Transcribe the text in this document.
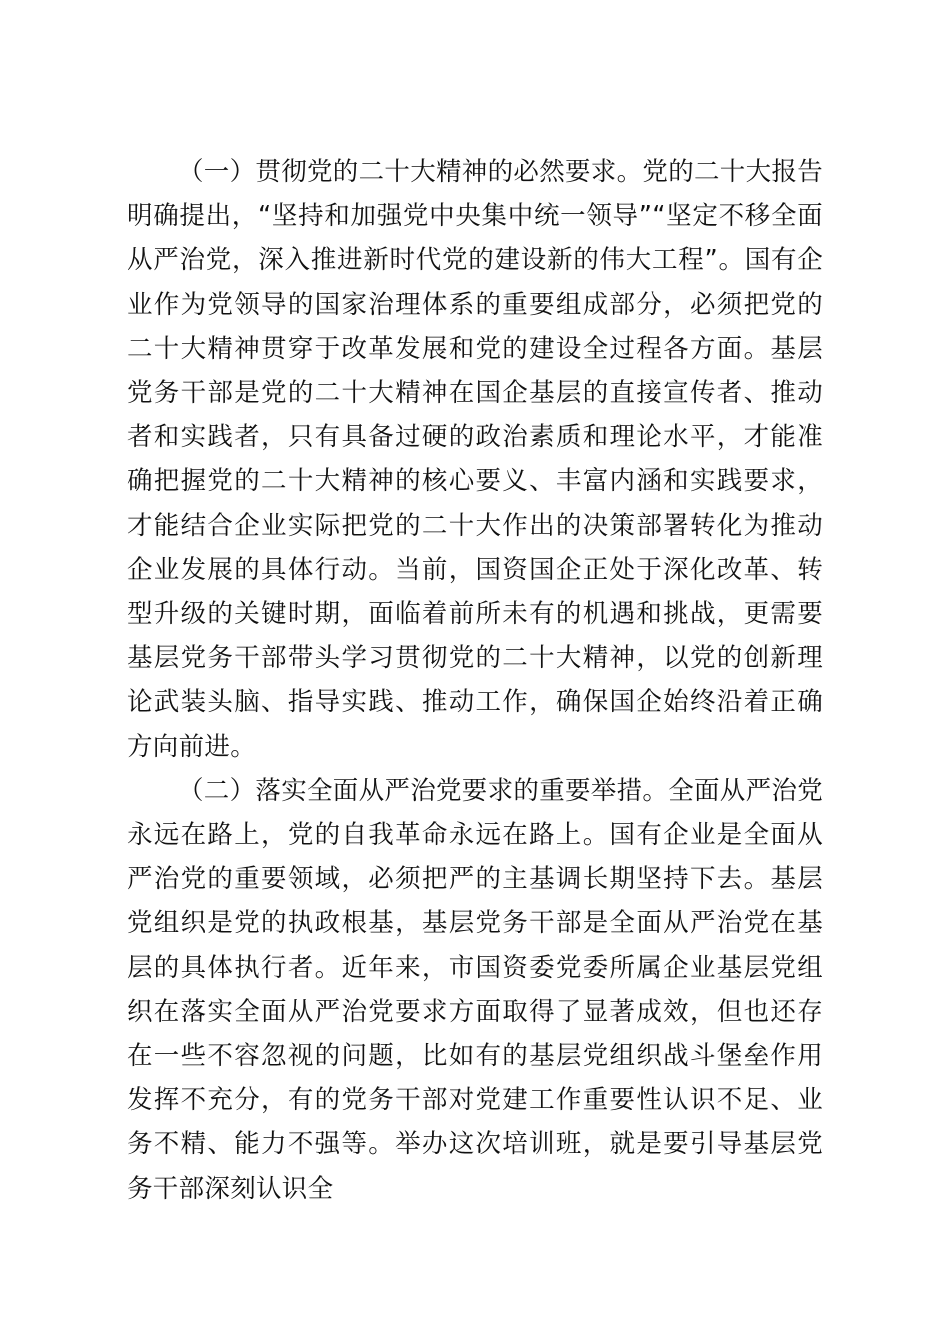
（一）贯彻党的二十大精神的必然要求。党的二十大报告明确提出，“坚持和加强党中央集中统一领导”“坚定不移全面从严治党，深入推进新时代党的建设新的伟大工程”。国有企业作为党领导的国家治理体系的重要组成部分，必须把党的二十大精神贯穿于改革发展和党的建设全过程各方面。基层党务干部是党的二十大精神在国企基层的直接宣传者、推动者和实践者，只有具备过硬的政治素质和理论水平，才能准确把握党的二十大精神的核心要义、丰富内涵和实践要求，才能结合企业实际把党的二十大作出的决策部署转化为推动企业发展的具体行动。当前，国资国企正处于深化改革、转型升级的关键时期，面临着前所未有的机遇和挑战，更需要基层党务干部带头学习贯彻党的二十大精神，以党的创新理论武装头脑、指导实践、推动工作，确保国企始终沿着正确方向前进。

（二）落实全面从严治党要求的重要举措。全面从严治党永远在路上，党的自我革命永远在路上。国有企业是全面从严治党的重要领域，必须把严的主基调长期坚持下去。基层党组织是党的执政根基，基层党务干部是全面从严治党在基层的具体执行者。近年来，市国资委党委所属企业基层党组织在落实全面从严治党要求方面取得了显著成效，但也还存在一些不容忽视的问题，比如有的基层党组织战斗堡垒作用发挥不充分，有的党务干部对党建工作重要性认识不足、业务不精、能力不强等。举办这次培训班，就是要引导基层党务干部深刻认识全
